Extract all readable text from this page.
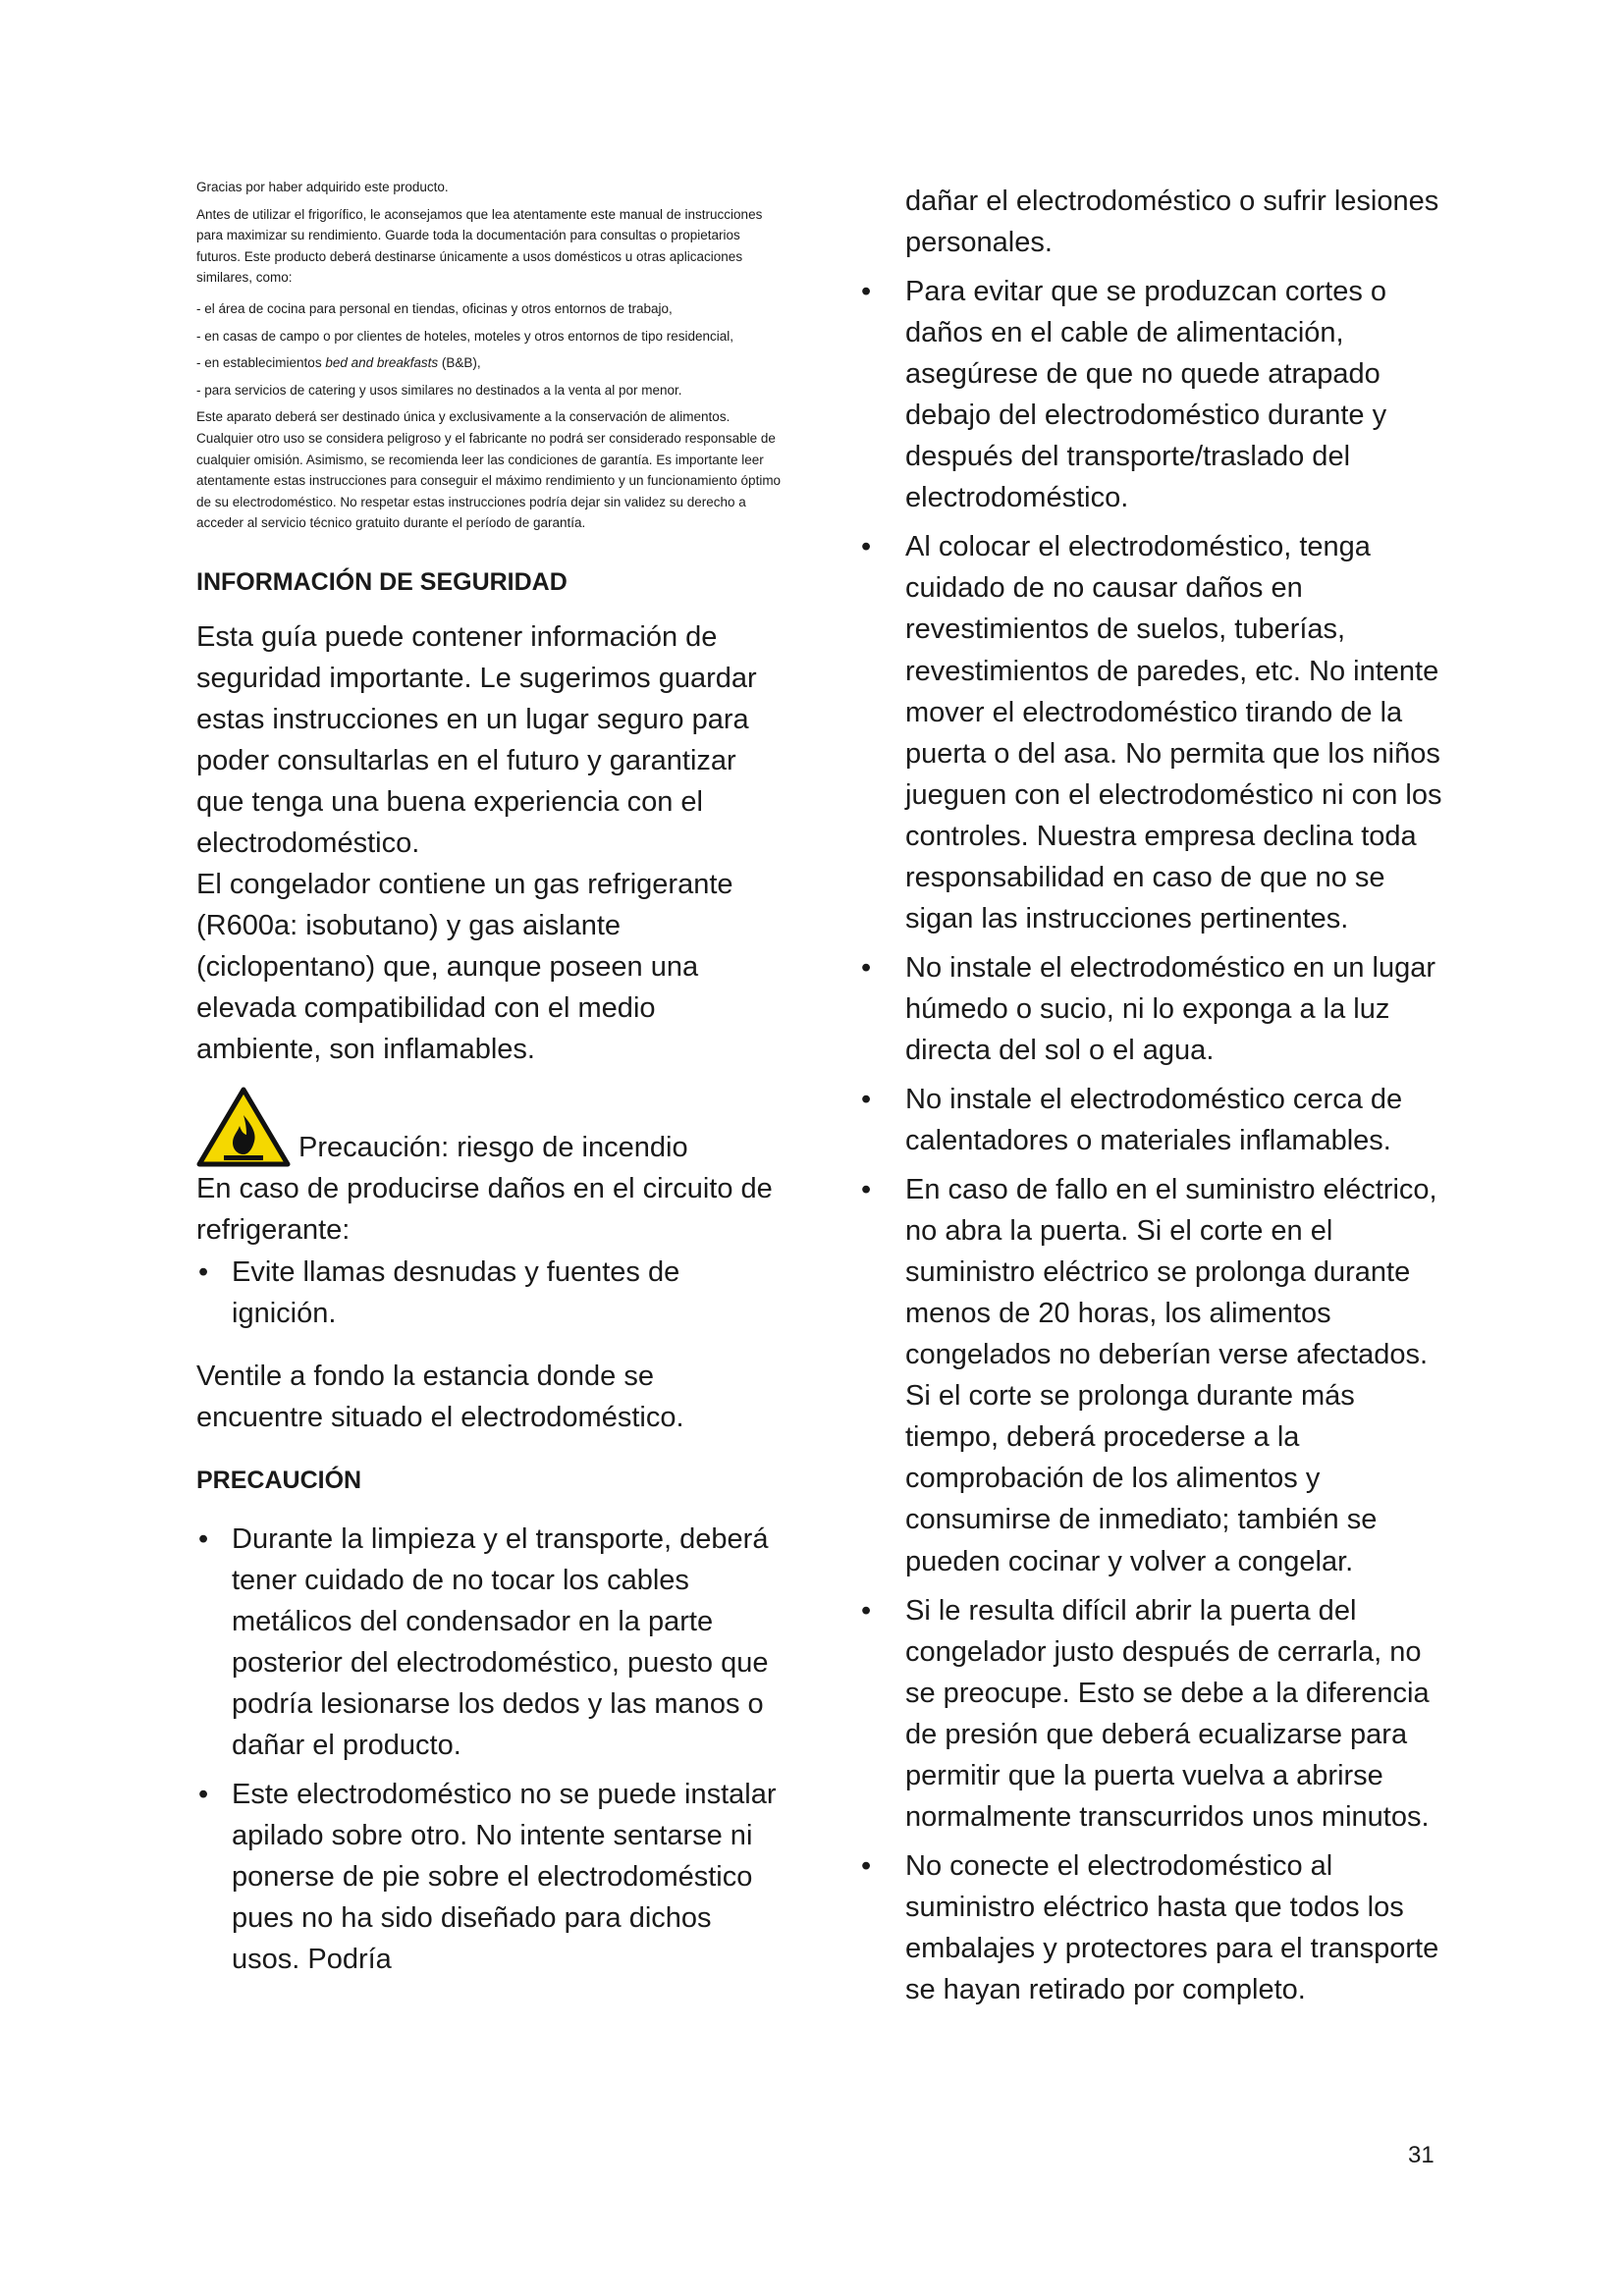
Gracias por haber adquirido este producto.

Antes de utilizar el frigorífico, le aconsejamos que lea atentamente este manual de instrucciones para maximizar su rendimiento. Guarde toda la documentación para consultas o propietarios futuros. Este producto deberá destinarse únicamente a usos domésticos u otras aplicaciones similares, como:

- el área de cocina para personal en tiendas, oficinas y otros entornos de trabajo,

- en casas de campo o por clientes de hoteles, moteles y otros entornos de tipo residencial,

- en establecimientos bed and breakfasts (B&B),

- para servicios de catering y usos similares no destinados a la venta al por menor.

Este aparato deberá ser destinado única y exclusivamente a la conservación de alimentos. Cualquier otro uso se considera peligroso y el fabricante no podrá ser considerado responsable de cualquier omisión. Asimismo, se recomienda leer las condiciones de garantía. Es importante leer atentamente estas instrucciones para conseguir el máximo rendimiento y un funcionamiento óptimo de su electrodoméstico. No respetar estas instrucciones podría dejar sin validez su derecho a acceder al servicio técnico gratuito durante el período de garantía.

INFORMACIÓN DE SEGURIDAD

Esta guía puede contener información de seguridad importante. Le sugerimos guardar estas instrucciones en un lugar seguro para poder consultarlas en el futuro y garantizar que tenga una buena experiencia con el electrodoméstico.

El congelador contiene un gas refrigerante (R600a: isobutano) y gas aislante (ciclopentano) que, aunque poseen una elevada compatibilidad con el medio ambiente, son inflamables.

Precaución: riesgo de incendio

En caso de producirse daños en el circuito de refrigerante:

• Evite llamas desnudas y fuentes de ignición.

Ventile a fondo la estancia donde se encuentre situado el electrodoméstico.

PRECAUCIÓN
• Durante la limpieza y el transporte, deberá tener cuidado de no tocar los cables metálicos del condensador en la parte posterior del electrodoméstico, puesto que podría lesionarse los dedos y las manos o dañar el producto.
• Este electrodoméstico no se puede instalar apilado sobre otro. No intente sentarse ni ponerse de pie sobre el electrodoméstico pues no ha sido diseñado para dichos usos. Podría

dañar el electrodoméstico o sufrir lesiones personales.

• Para evitar que se produzcan cortes o daños en el cable de alimentación, asegúrese de que no quede atrapado debajo del electrodoméstico durante y después del transporte/traslado del electrodoméstico.
• Al colocar el electrodoméstico, tenga cuidado de no causar daños en revestimientos de suelos, tuberías, revestimientos de paredes, etc. No intente mover el electrodoméstico tirando de la puerta o del asa. No permita que los niños jueguen con el electrodoméstico ni con los controles. Nuestra empresa declina toda responsabilidad en caso de que no se sigan las instrucciones pertinentes.
• No instale el electrodoméstico en un lugar húmedo o sucio, ni lo exponga a la luz directa del sol o el agua.
• No instale el electrodoméstico cerca de calentadores o materiales inflamables.
• En caso de fallo en el suministro eléctrico, no abra la puerta. Si el corte en el suministro eléctrico se prolonga durante menos de 20 horas, los alimentos congelados no deberían verse afectados. Si el corte se prolonga durante más tiempo, deberá procederse a la comprobación de los alimentos y consumirse de inmediato; también se pueden cocinar y volver a congelar.
• Si le resulta difícil abrir la puerta del congelador justo después de cerrarla, no se preocupe. Esto se debe a la diferencia de presión que deberá ecualizarse para permitir que la puerta vuelva a abrirse normalmente transcurridos unos minutos.
• No conecte el electrodoméstico al suministro eléctrico hasta que todos los embalajes y protectores para el transporte se hayan retirado por completo.
31
